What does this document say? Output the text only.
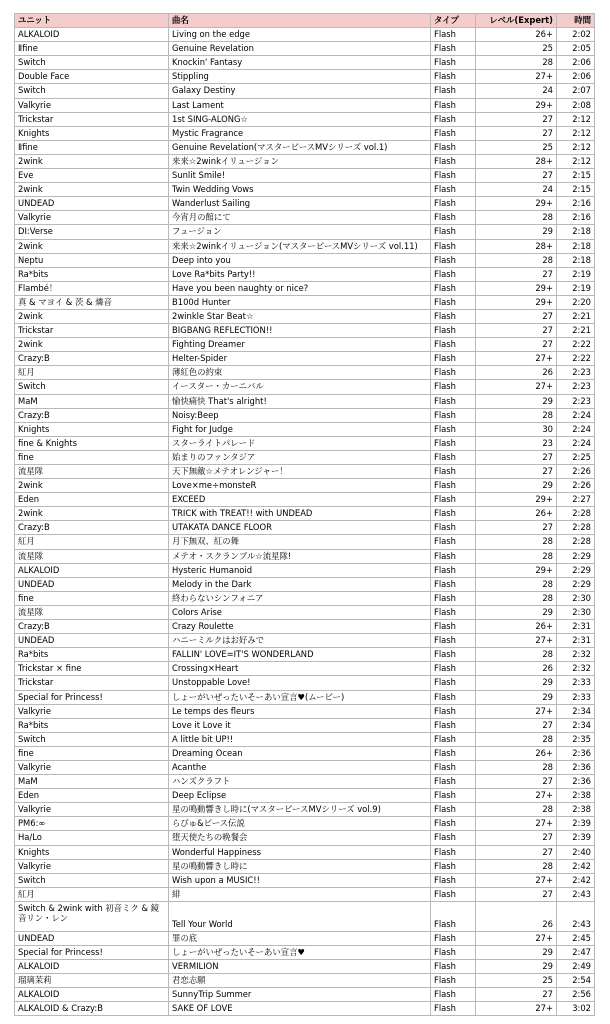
ユニット	曲名	タイプ	レベル(Expert)	時間
ALKALOID	Living on the edge	Flash	26+	2:02
Ⅱfine	Genuine Revelation	Flash	25	2:05
Switch	Knockin' Fantasy	Flash	28	2:06
Double Face	Stippling	Flash	27+	2:06
Switch	Galaxy Destiny	Flash	24	2:07
Valkyrie	Last Lament	Flash	29+	2:08
Trickstar	1st SING-ALONG☆	Flash	27	2:12
Knights	Mystic Fragrance	Flash	27	2:12
Ⅱfine	Genuine Revelation(マスターピースMVシリーズ vol.1)	Flash	25	2:12
2wink	来来☆2winkイリュージョン	Flash	28+	2:12
Eve	Sunlit Smile!	Flash	27	2:15
2wink	Twin Wedding Vows	Flash	24	2:15
UNDEAD	Wanderlust Sailing	Flash	29+	2:16
Valkyrie	今宵月の館にて	Flash	28	2:16
DI:Verse	フュージョン	Flash	29	2:18
2wink	来来☆2winkイリュージョン(マスターピースMVシリーズ vol.11)	Flash	28+	2:18
Neptu	Deep into you	Flash	28	2:18
Ra*bits	Love Ra*bits Party!!	Flash	27	2:19
Flambé！	Have you been naughty or nice?	Flash	29+	2:19
真 & マヨイ & 茨 & 燐音	B100d Hunter	Flash	29+	2:20
2wink	2winkle Star Beat☆	Flash	27	2:21
Trickstar	BIGBANG REFLECTION!!	Flash	27	2:21
2wink	Fighting Dreamer	Flash	27	2:22
Crazy:B	Helter-Spider	Flash	27+	2:22
紅月	薄紅色の約束	Flash	26	2:23
Switch	イースター・カーニバル	Flash	27+	2:23
MaM	愉快痛快 That's alright!	Flash	29	2:23
Crazy:B	Noisy:Beep	Flash	28	2:24
Knights	Fight for Judge	Flash	30	2:24
fine & Knights	スターライトパレード	Flash	23	2:24
fine	始まりのファンタジア	Flash	27	2:25
流星隊	天下無敵☆メテオレンジャー！	Flash	27	2:26
2wink	Love×me÷monsteR	Flash	29	2:26
Eden	EXCEED	Flash	29+	2:27
2wink	TRICK with TREAT!! with UNDEAD	Flash	26+	2:28
Crazy:B	UTAKATA DANCE FLOOR	Flash	27	2:28
紅月	月下無双、紅の舞	Flash	28	2:28
流星隊	メテオ・スクランブル☆流星隊!	Flash	28	2:29
ALKALOID	Hysteric Humanoid	Flash	29+	2:29
UNDEAD	Melody in the Dark	Flash	28	2:29
fine	終わらないシンフォニア	Flash	28	2:30
流星隊	Colors Arise	Flash	29	2:30
Crazy:B	Crazy Roulette	Flash	26+	2:31
UNDEAD	ハニーミルクはお好みで	Flash	27+	2:31
Ra*bits	FALLIN' LOVE=IT'S WONDERLAND	Flash	28	2:32
Trickstar × fine	Crossing×Heart	Flash	26	2:32
Trickstar	Unstoppable Love!	Flash	29	2:33
Special for Princess!	しょーがいぜったいそーあい宣言♥(ムービー)	Flash	29	2:33
Valkyrie	Le temps des fleurs	Flash	27+	2:34
Ra*bits	Love it Love it	Flash	27	2:34
Switch	A little bit UP!!	Flash	28	2:35
fine	Dreaming Ocean	Flash	26+	2:36
Valkyrie	Acanthe	Flash	28	2:36
MaM	ハンズクラフト	Flash	27	2:36
Eden	Deep Eclipse	Flash	27+	2:38
Valkyrie	星の鳴動響きし時に(マスターピースMVシリーズ vol.9)	Flash	28	2:38
PM6:∞	らびゅ&ピース伝説	Flash	27+	2:39
Ha/Lo	堕天使たちの晩餐会	Flash	27	2:39
Knights	Wonderful Happiness	Flash	27	2:40
Valkyrie	星の鳴動響きし時に	Flash	28	2:42
Switch	Wish upon a MUSIC!!	Flash	27+	2:42
紅月	緋	Flash	27	2:43
Switch & 2wink with 初音ミク & 鏡音リン・レン	Tell Your World	Flash	26	2:43
UNDEAD	罪の底	Flash	27+	2:45
Special for Princess!	しょーがいぜったいそーあい宣言♥	Flash	29	2:47
ALKALOID	VERMILION	Flash	29	2:49
瑠璃茉莉	君恋志願	Flash	25	2:54
ALKALOID	SunnyTrip Summer	Flash	27	2:56
ALKALOID & Crazy:B	SAKE OF LOVE	Flash	27+	3:02
